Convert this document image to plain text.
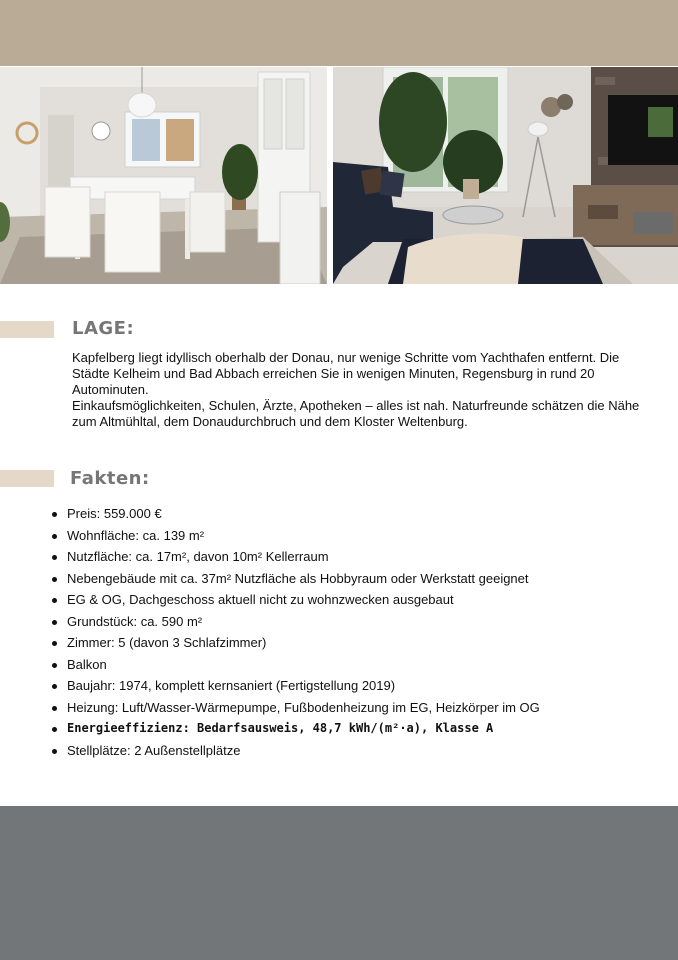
LAGE:

Kapfelberg liegt idyllisch oberhalb der Donau, nur wenige Schritte vom Yachthafen entfernt. Die Städte Kelheim und Bad Abbach erreichen Sie in wenigen Minuten, Regensburg in rund 20 Autominuten.

Einkaufsmöglichkeiten, Schulen, Ärzte, Apotheken – alles ist nah. Naturfreunde schätzen die Nähe zum Altmühltal, dem Donaudurchbruch und dem Kloster Weltenburg.

Fakten:
Preis: 559.000 €
Wohnfläche: ca. 139 m²
Nutzfläche: ca. 17m², davon 10m² Kellerraum
Nebengebäude mit ca. 37m² Nutzfläche als Hobbyraum oder Werkstatt geeignet
EG & OG, Dachgeschoss aktuell nicht zu wohnzwecken ausgebaut
Grundstück: ca. 590 m²
Zimmer: 5 (davon 3 Schlafzimmer)
Balkon
Baujahr: 1974, komplett kernsaniert (Fertigstellung 2019)
Heizung: Luft/Wasser-Wärmepumpe, Fußbodenheizung im EG, Heizkörper im OG
Energieeffizienz: Bedarfsausweis, 48,7 kWh/(m²·a), Klasse A
Stellplätze: 2 Außenstellplätze
